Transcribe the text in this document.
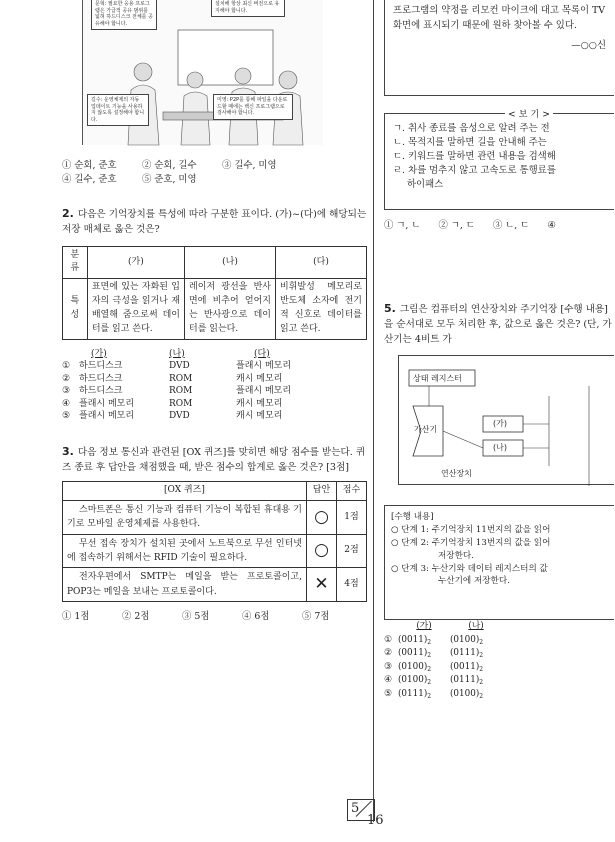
문혁: 필요한 응용 프로그램은 가급적 공유 범위를 넓혀 하드디스크 전체를 공유해야 합니다.
설치해 항상 최신 버전으로 유지해야 합니다.
길수: 운영체제의 자동 업데이트 기능을 사용하지 않도록 설정해야 합니다.
미영: P2P를 통해 파일을 다운로드할 때에는 백신 프로그램으로 검사해야 합니다.
① 순회, 준호	② 순회, 길수	③ 길수, 미영
④ 길수, 준호	⑤ 준호, 미영
2. 다음은 기억장치를 특성에 따라 구분한 표이다. (가)~(다)에 해당되는 저장 매체로 옳은 것은?
분류	(가)	(나)	(다)
특성	표면에 있는 자화된 입자의 극성을 읽거나 재배열해 줌으로써 데이터를 읽고 쓴다.	레이저 광선을 반사면에 비추어 얻어지는 반사광으로 데이터를 읽는다.	비휘발성 메모리로 반도체 소자에 전기적 신호로 데이터를 읽고 쓴다.
(가)	(나)	(다)
① 하드디스크	DVD	플래시 메모리
② 하드디스크	ROM	캐시 메모리
③ 하드디스크	ROM	플래시 메모리
④ 플래시 메모리	ROM	캐시 메모리
⑤ 플래시 메모리	DVD	캐시 메모리
3. 다음 정보 통신과 관련된 [OX 퀴즈]를 맞히면 해당 점수를 받는다. 퀴즈 종료 후 답안을 채점했을 때, 받은 점수의 합계로 옳은 것은? [3점]
[OX 퀴즈]	답안	점수
스마트폰은 통신 기능과 컴퓨터 기능이 복합된 휴대용 기기로 모바일 운영체제를 사용한다.	○	1점
무선 접속 장치가 설치된 곳에서 노트북으로 무선 인터넷에 접속하기 위해서는 RFID 기술이 필요하다.	○	2점
전자우편에서 SMTP는 메일을 받는 프로토콜이고, POP3는 메일을 보내는 프로토콜이다.	✕	4점
① 1점	② 2점	③ 5점	④ 6점	⑤ 7점
5
16
프로그램의 약정을 리모컨 마이크에 대고 목록이 TV 화면에 표시되기 때문에 원하 찾아볼 수 있다.
—○○신
< 보 기 >
ㄱ. 취사 종료를 음성으로 알려 주는 전
ㄴ. 목적지를 말하면 길을 안내해 주는
ㄷ. 키워드를 말하면 관련 내용을 검색해
ㄹ. 차를 멈추지 않고 고속도로 통행료를
하이패스
① ㄱ, ㄴ ② ㄱ, ㄷ ③ ㄴ, ㄷ ④
5. 그림은 컴퓨터의 연산장치와 주기억장 [수행 내용]을 순서대로 모두 처리한 후, 값으로 옳은 것은? (단, 가산기는 4비트 가
상태 레지스터
가산기
(가)
(나)
연산장치
[수행 내용]
○ 단계 1: 주기억장치 11번지의 값을 읽어
○ 단계 2: 주기억장치 13번지의 값을 읽어
저장한다.
○ 단계 3: 누산기와 데이터 레지스터의 값
누산기에 저장한다.
(가)	(나)
① $(0011)_2$	$(0100)_2$
② $(0011)_2$	$(0111)_2$
③ $(0100)_2$	$(0011)_2$
④ $(0100)_2$	$(0111)_2$
⑤ $(0111)_2$	$(0100)_2$
